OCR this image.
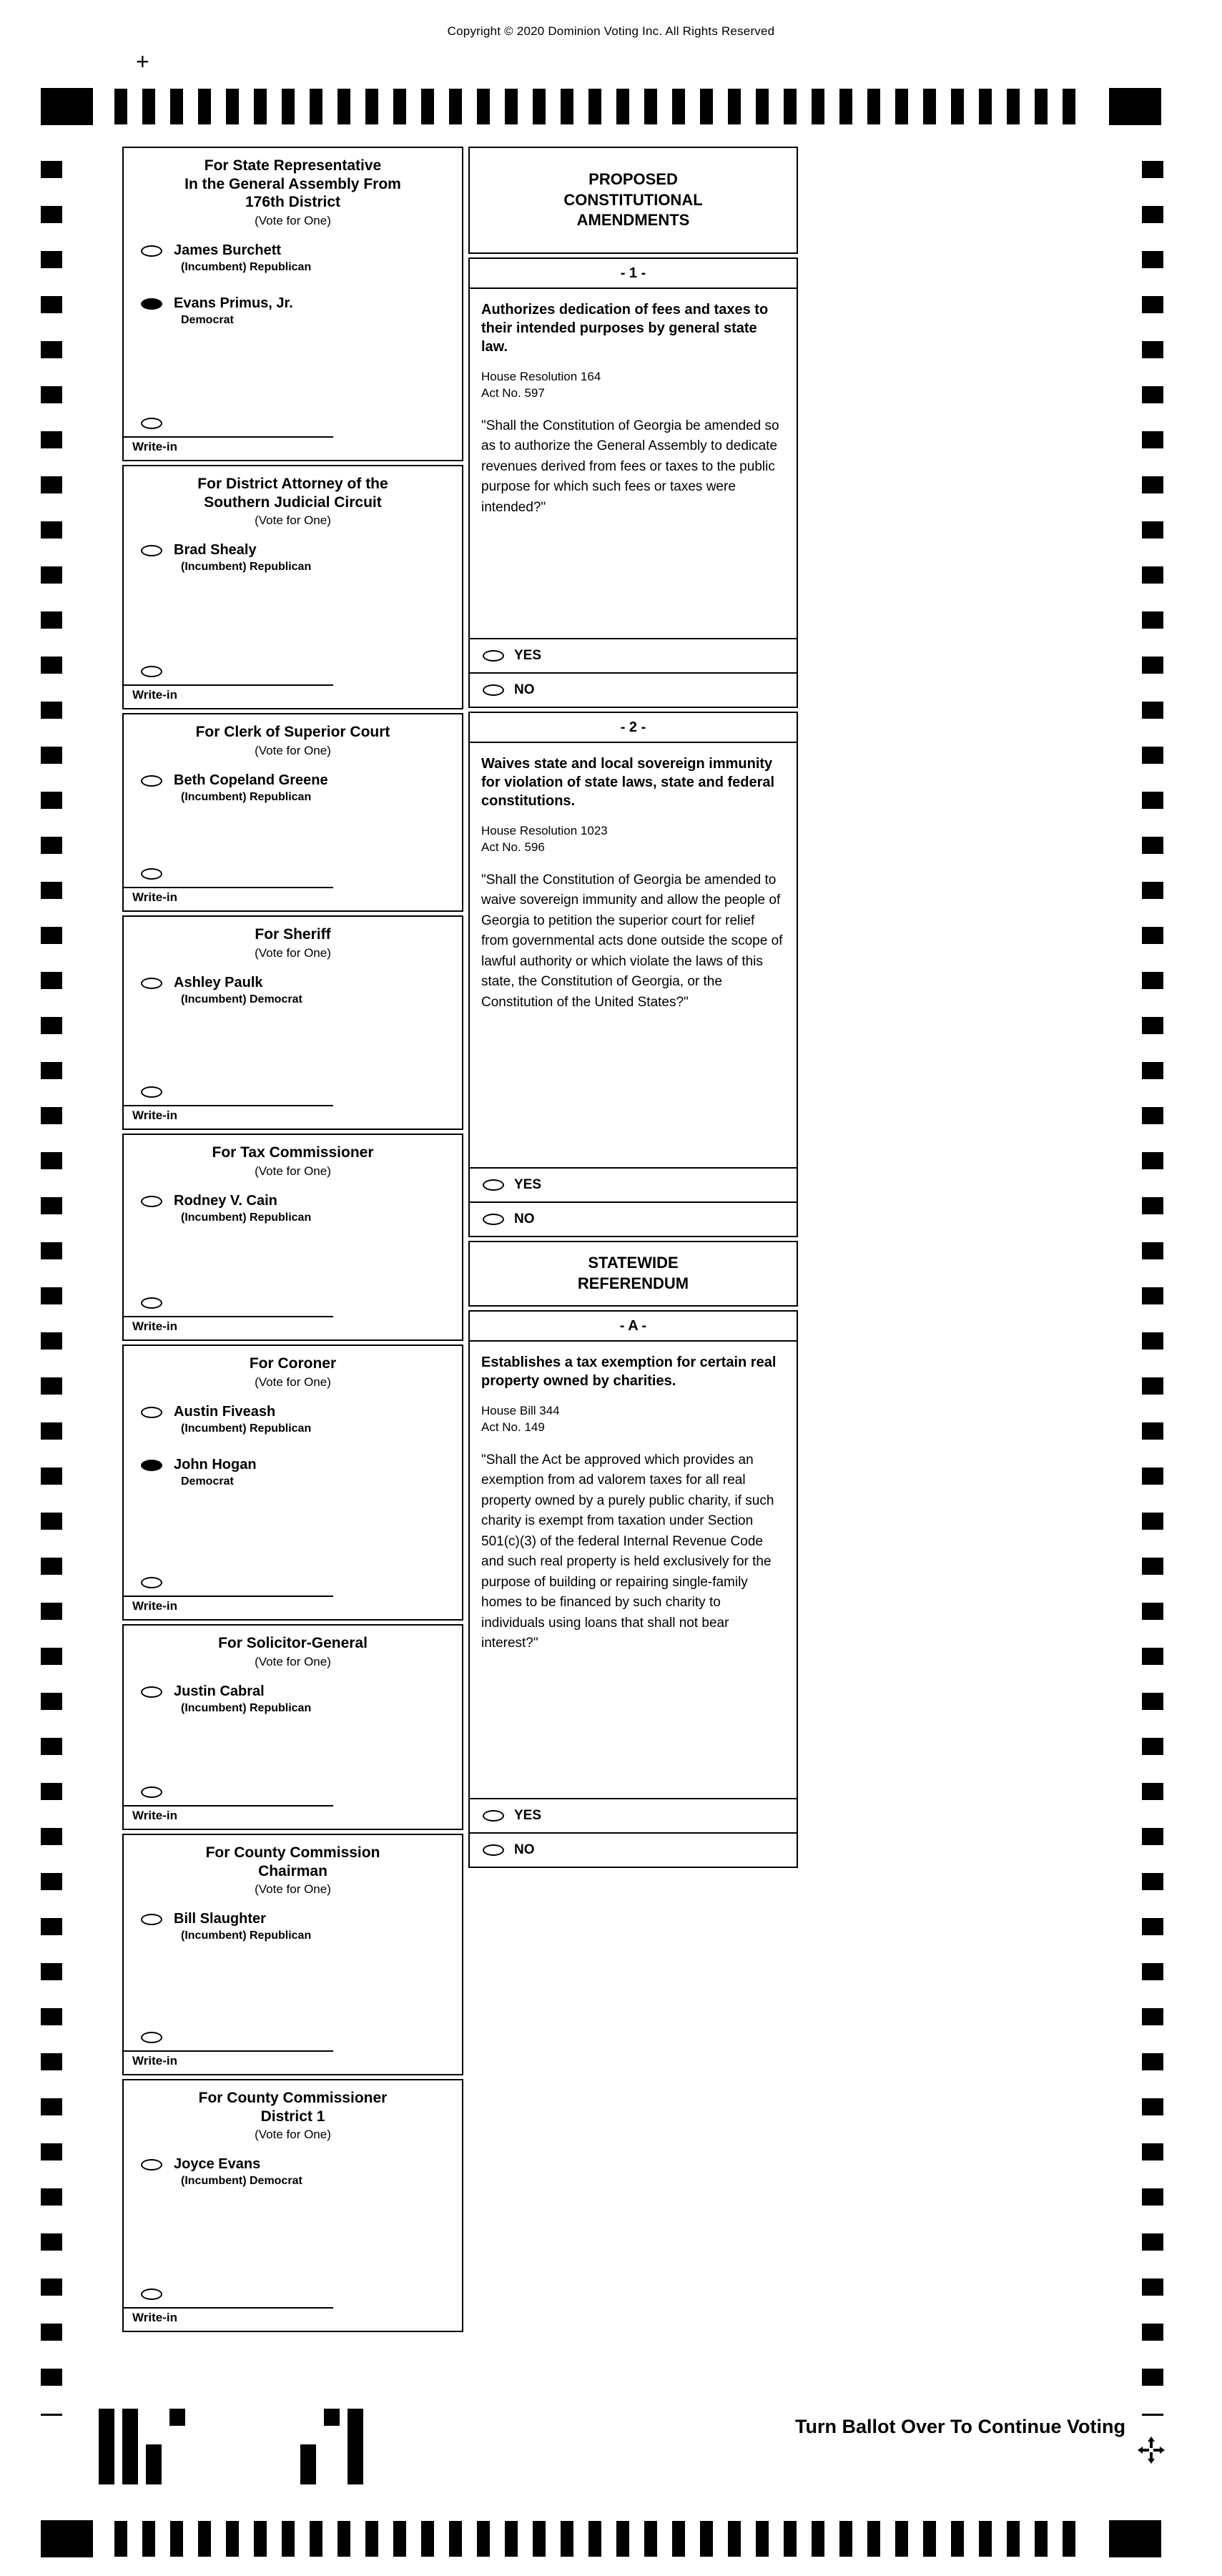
Copyright © 2020 Dominion Voting Inc. All Rights Reserved
+
For State Representative
In the General Assembly From
176th District
(Vote for One)
James Burchett
(Incumbent) Republican
Evans Primus, Jr.
Democrat
Write-in
For District Attorney of the
Southern Judicial Circuit
(Vote for One)
Brad Shealy
(Incumbent) Republican
Write-in
For Clerk of Superior Court
(Vote for One)
Beth Copeland Greene
(Incumbent) Republican
Write-in
For Sheriff
(Vote for One)
Ashley Paulk
(Incumbent) Democrat
Write-in
For Tax Commissioner
(Vote for One)
Rodney V. Cain
(Incumbent) Republican
Write-in
For Coroner
(Vote for One)
Austin Fiveash
(Incumbent) Republican
John Hogan
Democrat
Write-in
For Solicitor-General
(Vote for One)
Justin Cabral
(Incumbent) Republican
Write-in
For County Commission
Chairman
(Vote for One)
Bill Slaughter
(Incumbent) Republican
Write-in
For County Commissioner
District 1
(Vote for One)
Joyce Evans
(Incumbent) Democrat
Write-in
PROPOSED
CONSTITUTIONAL
AMENDMENTS
- 1 -
Authorizes dedication of fees and taxes to their intended purposes by general state law.
House Resolution 164
Act No. 597
"Shall the Constitution of Georgia be amended so as to authorize the General Assembly to dedicate revenues derived from fees or taxes to the public purpose for which such fees or taxes were intended?"
YES
NO
- 2 -
Waives state and local sovereign immunity for violation of state laws, state and federal constitutions.
House Resolution 1023
Act No. 596
"Shall the Constitution of Georgia be amended to waive sovereign immunity and allow the people of Georgia to petition the superior court for relief from governmental acts done outside the scope of lawful authority or which violate the laws of this state, the Constitution of Georgia, or the Constitution of the United States?"
YES
NO
STATEWIDE
REFERENDUM
- A -
Establishes a tax exemption for certain real property owned by charities.
House Bill 344
Act No. 149
"Shall the Act be approved which provides an exemption from ad valorem taxes for all real property owned by a purely public charity, if such charity is exempt from taxation under Section 501(c)(3) of the federal Internal Revenue Code and such real property is held exclusively for the purpose of building or repairing single-family homes to be financed by such charity to individuals using loans that shall not bear interest?"
YES
NO
Turn Ballot Over To Continue Voting
